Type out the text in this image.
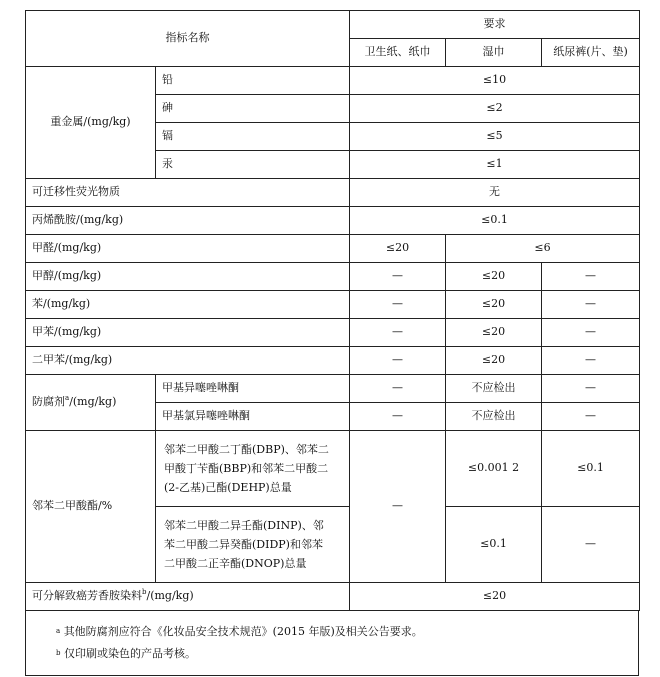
指标名称		要求		
		卫生纸、纸巾	湿巾	纸尿裤(片、垫)
重金属/(mg/kg)	铅	≤10		
	砷	≤2		
	镉	≤5		
	汞	≤1		
可迁移性荧光物质		无		
丙烯酰胺/(mg/kg)		≤0.1		
甲醛/(mg/kg)		≤20	≤6	
甲醇/(mg/kg)		—	≤20	—
苯/(mg/kg)		—	≤20	—
甲苯/(mg/kg)		—	≤20	—
二甲苯/(mg/kg)		—	≤20	—
防腐剂$^a$/(mg/kg)	甲基异噻唑啉酮	—	不应检出	—
	甲基氯异噻唑啉酮	—	不应检出	—
邻苯二甲酸酯/%	邻苯二甲酸二丁酯(DBP)、邻苯二
甲酸丁苄酯(BBP)和邻苯二甲酸二
(2-乙基)己酯(DEHP)总量	—	≤0.001 2	≤0.1

	邻苯二甲酸二异壬酯(DINP)、邻
苯二甲酸二异癸酯(DIDP)和邻苯
二甲酸二正辛酯(DNOP)总量		≤0.1	—
可分解致癌芳香胺染料$^b$/(mg/kg)		≤20		
$^a$ 其他防腐剂应符合《化妆品安全技术规范》(2015 年版)及相关公告要求。
$^b$ 仅印刷或染色的产品考核。
